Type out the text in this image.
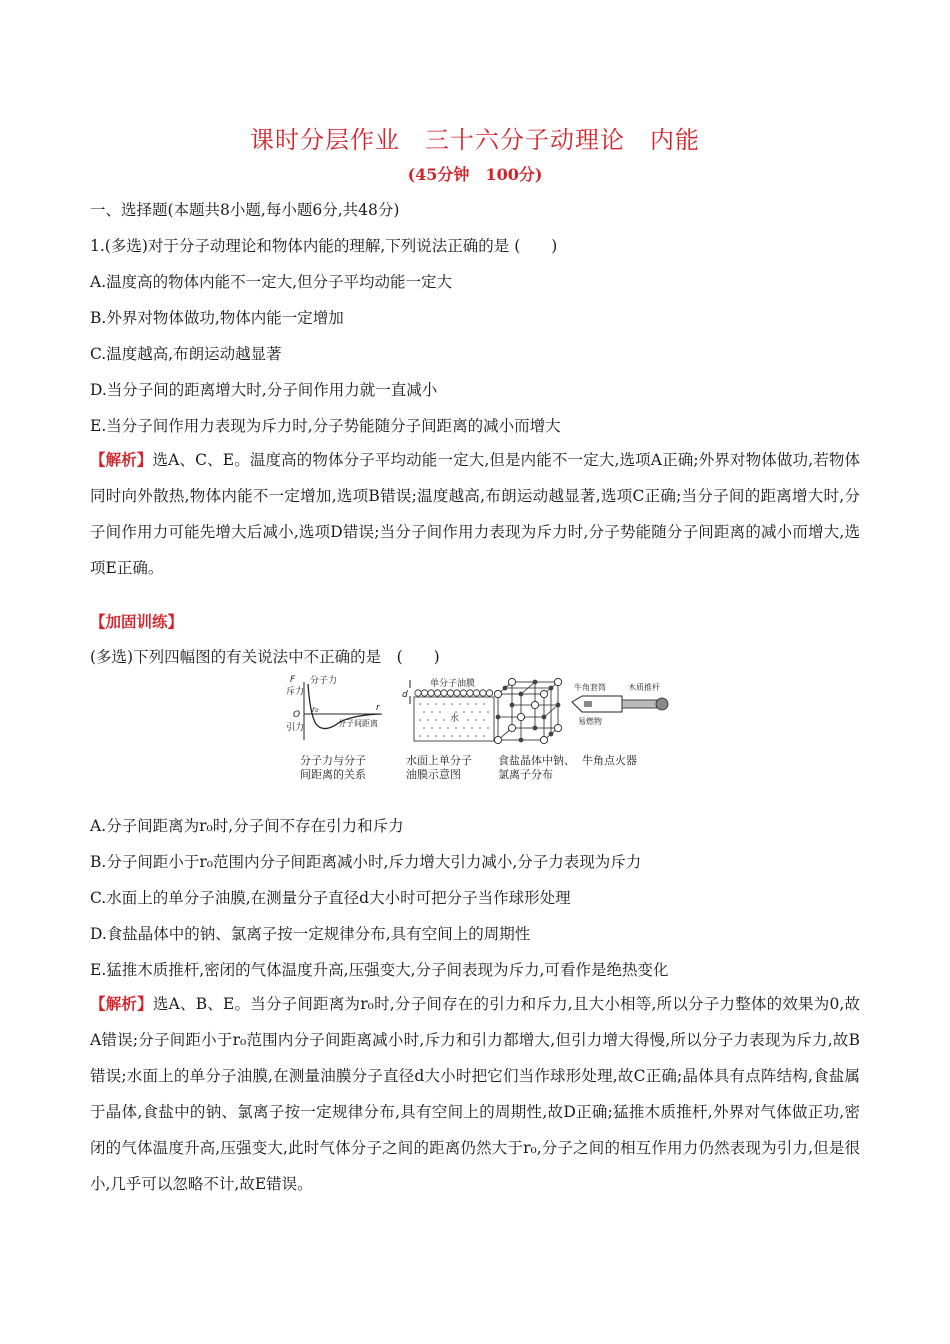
课时分层作业　三十六分子动理论　内能
(45分钟　100分)
一、选择题(本题共8小题,每小题6分,共48分)
1.(多选)对于分子动理论和物体内能的理解,下列说法正确的是 (　　)
A.温度高的物体内能不一定大,但分子平均动能一定大
B.外界对物体做功,物体内能一定增加
C.温度越高,布朗运动越显著
D.当分子间的距离增大时,分子间作用力就一直减小
E.当分子间作用力表现为斥力时,分子势能随分子间距离的减小而增大
【解析】选A、C、E。温度高的物体分子平均动能一定大,但是内能不一定大,选项A正确;外界对物体做功,若物体同时向外散热,物体内能不一定增加,选项B错误;温度越高,布朗运动越显著,选项C正确;当分子间的距离增大时,分子间作用力可能先增大后减小,选项D错误;当分子间作用力表现为斥力时,分子势能随分子间距离的减小而增大,选项E正确。
【加固训练】
(多选)下列四幅图的有关说法中不正确的是　(　　)
F 分子力
斥力
O
引力
r₀	r
分子间距离
分子力与分子
间距离的关系
d
单分子油膜
水
水面上单分子
油膜示意图
食盐晶体中钠、
氯离子分布
牛角套筒	木质推杆
易燃物
牛角点火器
A.分子间距离为r₀时,分子间不存在引力和斥力
B.分子间距小于r₀范围内分子间距离减小时,斥力增大引力减小,分子力表现为斥力
C.水面上的单分子油膜,在测量分子直径d大小时可把分子当作球形处理
D.食盐晶体中的钠、氯离子按一定规律分布,具有空间上的周期性
E.猛推木质推杆,密闭的气体温度升高,压强变大,分子间表现为斥力,可看作是绝热变化
【解析】选A、B、E。当分子间距离为r₀时,分子间存在的引力和斥力,且大小相等,所以分子力整体的效果为0,故A错误;分子间距小于r₀范围内分子间距离减小时,斥力和引力都增大,但引力增大得慢,所以分子力表现为斥力,故B错误;水面上的单分子油膜,在测量油膜分子直径d大小时把它们当作球形处理,故C正确;晶体具有点阵结构,食盐属于晶体,食盐中的钠、氯离子按一定规律分布,具有空间上的周期性,故D正确;猛推木质推杆,外界对气体做正功,密闭的气体温度升高,压强变大,此时气体分子之间的距离仍然大于r₀,分子之间的相互作用力仍然表现为引力,但是很小,几乎可以忽略不计,故E错误。
